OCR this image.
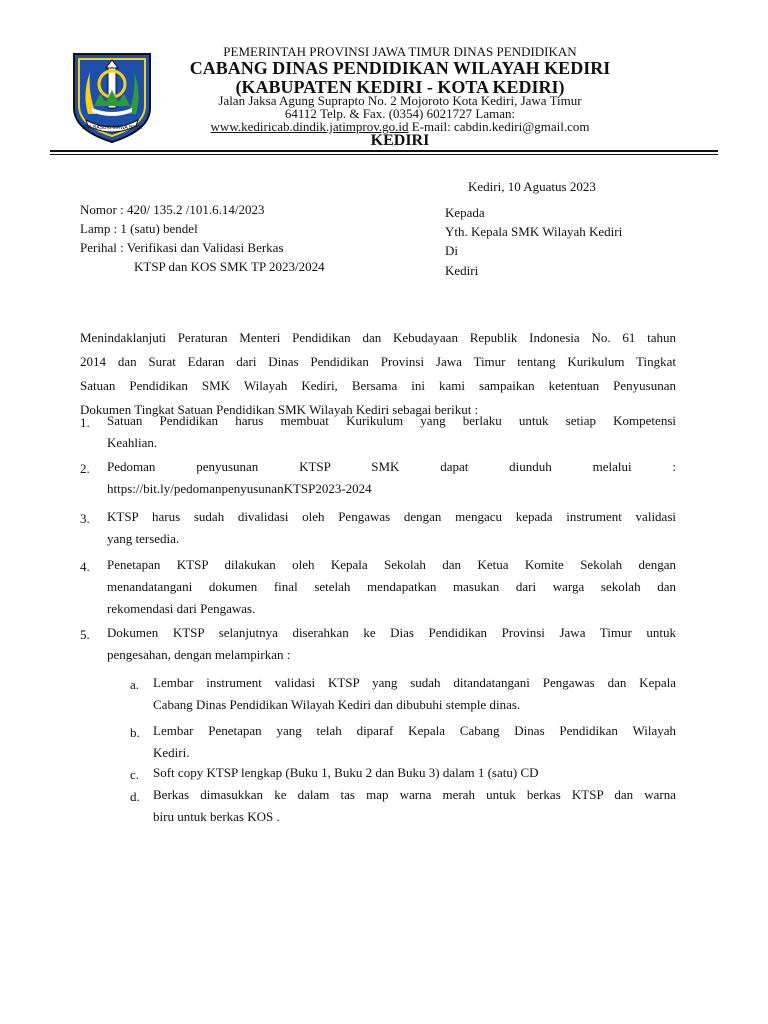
JER BASUKI MAWA BEYA
PEMERINTAH PROVINSI JAWA TIMUR DINAS PENDIDIKAN
CABANG DINAS PENDIDIKAN WILAYAH KEDIRI
(KABUPATEN KEDIRI - KOTA KEDIRI)
Jalan Jaksa Agung Suprapto No. 2 Mojoroto Kota Kediri, Jawa Timur
64112 Telp. & Fax. (0354) 6021727 Laman:
www.kediricab.dindik.jatimprov.go.id E-mail: cabdin.kediri@gmail.com
KEDIRI
Kediri, 10 Aguatus 2023
Nomor : 420/ 135.2 /101.6.14/2023
Lamp : 1 (satu) bendel
Perihal : Verifikasi dan Validasi Berkas
KTSP dan KOS SMK TP 2023/2024
Kepada
Yth. Kepala SMK Wilayah Kediri
Di
Kediri
Menindaklanjuti Peraturan Menteri Pendidikan dan Kebudayaan Republik Indonesia No. 61 tahun
2014 dan Surat Edaran dari Dinas Pendidikan Provinsi Jawa Timur tentang Kurikulum Tingkat
Satuan Pendidikan SMK Wilayah Kediri, Bersama ini kami sampaikan ketentuan Penyusunan
Dokumen Tingkat Satuan Pendidikan SMK Wilayah Kediri sebagai berikut :
1. Satuan Pendidikan harus membuat Kurikulum yang berlaku untuk setiap Kompetensi
Keahlian.
2. Pedoman penyusunan KTSP SMK dapat diunduh melalui :
https://bit.ly/pedomanpenyusunanKTSP2023-2024
3. KTSP harus sudah divalidasi oleh Pengawas dengan mengacu kepada instrument validasi
yang tersedia.
4. Penetapan KTSP dilakukan oleh Kepala Sekolah dan Ketua Komite Sekolah dengan
menandatangani dokumen final setelah mendapatkan masukan dari warga sekolah dan
rekomendasi dari Pengawas.
5. Dokumen KTSP selanjutnya diserahkan ke Dias Pendidikan Provinsi Jawa Timur untuk
pengesahan, dengan melampirkan :
a. Lembar instrument validasi KTSP yang sudah ditandatangani Pengawas dan Kepala
Cabang Dinas Pendidikan Wilayah Kediri dan dibubuhi stemple dinas.
b. Lembar Penetapan yang telah diparaf Kepala Cabang Dinas Pendidikan Wilayah
Kediri.
c. Soft copy KTSP lengkap (Buku 1, Buku 2 dan Buku 3) dalam 1 (satu) CD
d. Berkas dimasukkan ke dalam tas map warna merah untuk berkas KTSP dan warna
biru untuk berkas KOS .
